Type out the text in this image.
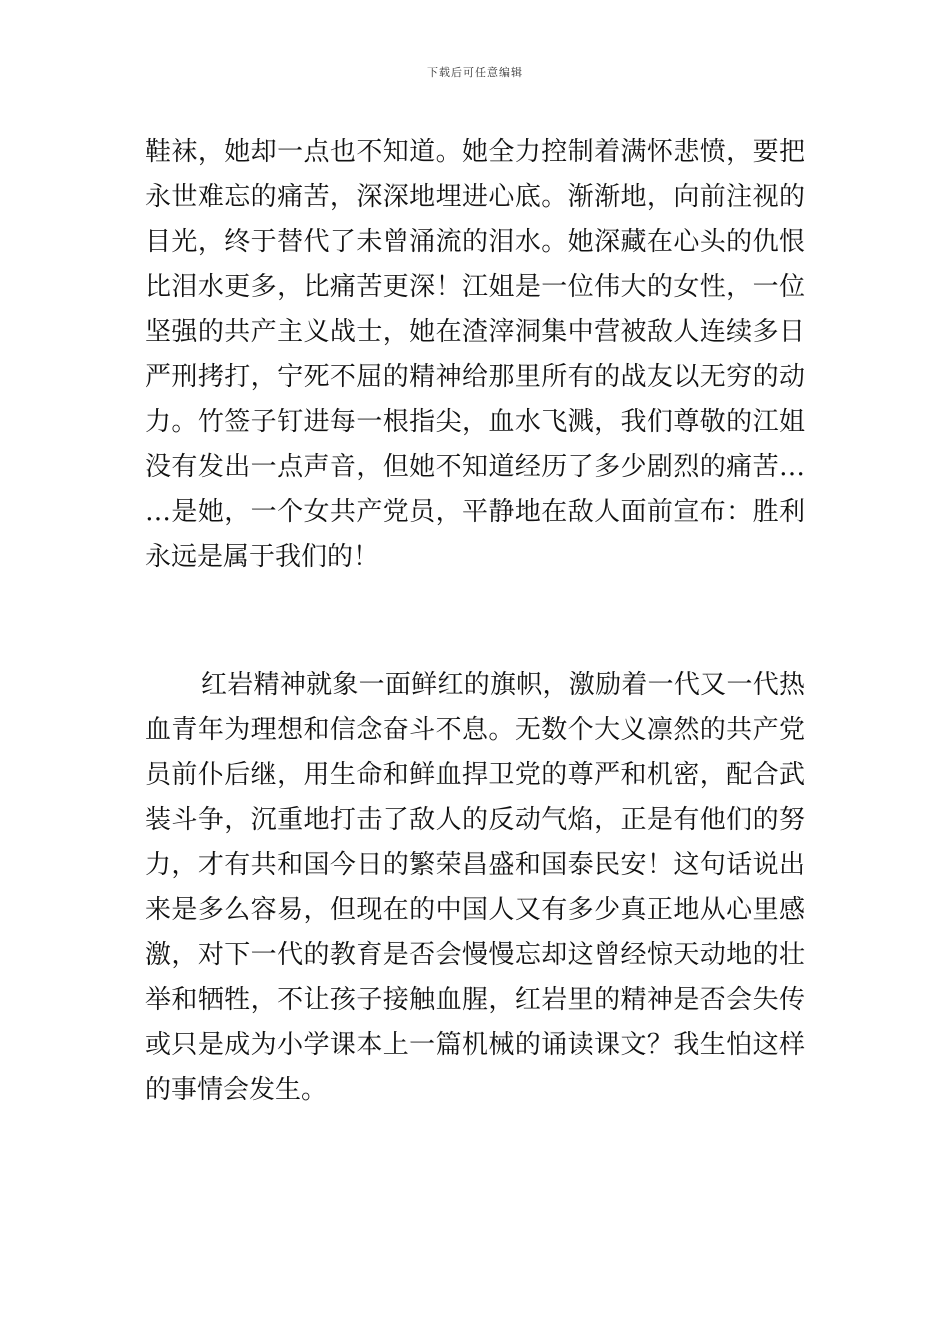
下载后可任意编辑
鞋袜，她却一点也不知道。她全力控制着满怀悲愤，要把
永世难忘的痛苦，深深地埋进心底。渐渐地，向前注视的
目光，终于替代了未曾涌流的泪水。她深藏在心头的仇恨
比泪水更多，比痛苦更深！江姐是一位伟大的女性，一位
坚强的共产主义战士，她在渣滓洞集中营被敌人连续多日
严刑拷打，宁死不屈的精神给那里所有的战友以无穷的动
力。竹签子钉进每一根指尖，血水飞溅，我们尊敬的江姐
没有发出一点声音，但她不知道经历了多少剧烈的痛苦…
…是她，一个女共产党员，平静地在敌人面前宣布：胜利
永远是属于我们的！
红岩精神就象一面鲜红的旗帜，激励着一代又一代热
血青年为理想和信念奋斗不息。无数个大义凛然的共产党
员前仆后继，用生命和鲜血捍卫党的尊严和机密，配合武
装斗争，沉重地打击了敌人的反动气焰，正是有他们的努
力，才有共和国今日的繁荣昌盛和国泰民安！这句话说出
来是多么容易，但现在的中国人又有多少真正地从心里感
激，对下一代的教育是否会慢慢忘却这曾经惊天动地的壮
举和牺牲，不让孩子接触血腥，红岩里的精神是否会失传
或只是成为小学课本上一篇机械的诵读课文？我生怕这样
的事情会发生。
